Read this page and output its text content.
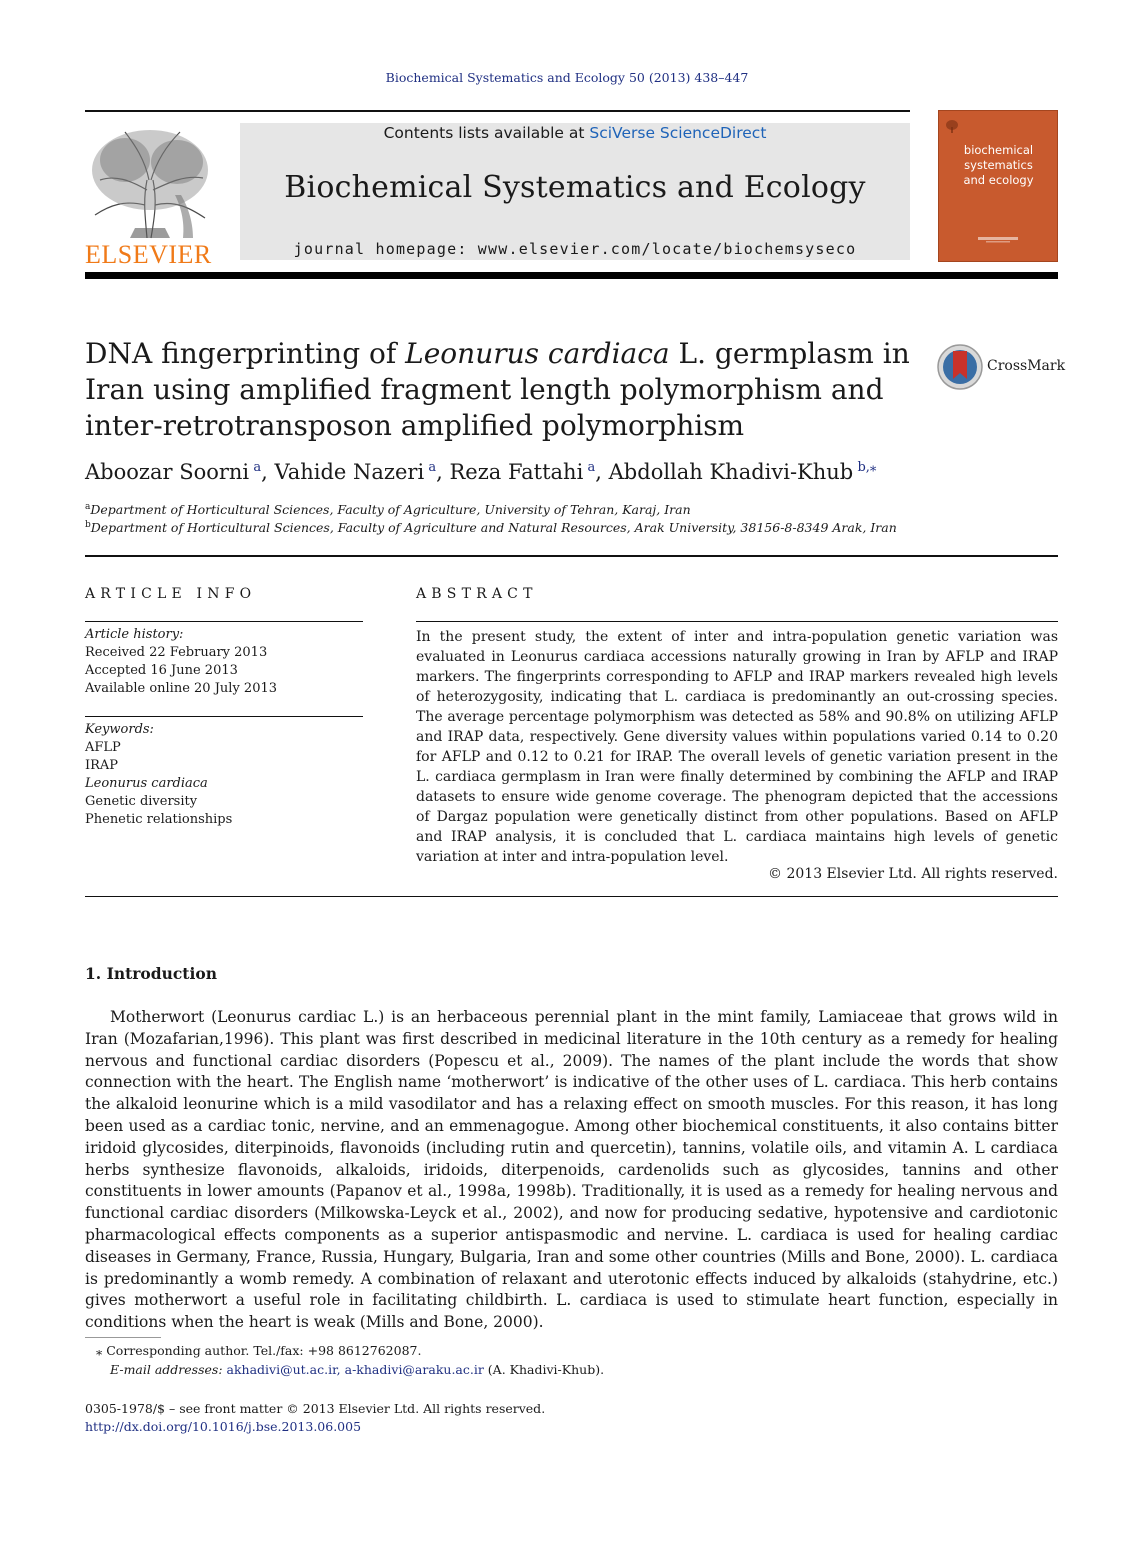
Biochemical Systematics and Ecology 50 (2013) 438–447
ELSEVIER
Contents lists available at SciVerse ScienceDirect
Biochemical Systematics and Ecology
journal homepage: www.elsevier.com/locate/biochemsyseco
biochemical
systematics
and ecology
DNA fingerprinting of Leonurus cardiaca L. germplasm in Iran using amplified fragment length polymorphism and inter-retrotransposon amplified polymorphism
CrossMark
Aboozar Soorni  $^a$, Vahide Nazeri  $^a$, Reza Fattahi  $^a$, Abdollah Khadivi-Khub  $^{b,⁎}$
$^a$Department of Horticultural Sciences, Faculty of Agriculture, University of Tehran, Karaj, Iran
$^b$Department of Horticultural Sciences, Faculty of Agriculture and Natural Resources, Arak University, 38156-8-8349 Arak, Iran
ARTICLE INFO
Article history:
Received 22 February 2013
Accepted 16 June 2013
Available online 20 July 2013
Keywords:
AFLP
IRAP
Leonurus cardiaca
Genetic diversity
Phenetic relationships
ABSTRACT
In the present study, the extent of inter and intra-population genetic variation was evaluated in Leonurus cardiaca accessions naturally growing in Iran by AFLP and IRAP markers. The fingerprints corresponding to AFLP and IRAP markers revealed high levels of heterozygosity, indicating that L. cardiaca is predominantly an out-crossing species. The average percentage polymorphism was detected as 58% and 90.8% on utilizing AFLP and IRAP data, respectively. Gene diversity values within populations varied 0.14 to 0.20 for AFLP and 0.12 to 0.21 for IRAP. The overall levels of genetic variation present in the L. cardiaca germplasm in Iran were finally determined by combining the AFLP and IRAP datasets to ensure wide genome coverage. The phenogram depicted that the accessions of Dargaz population were genetically distinct from other populations. Based on AFLP and IRAP analysis, it is concluded that L. cardiaca maintains high levels of genetic variation at inter and intra-population level.
© 2013 Elsevier Ltd. All rights reserved.
1. Introduction
Motherwort (Leonurus cardiac L.) is an herbaceous perennial plant in the mint family, Lamiaceae that grows wild in Iran (Mozafarian,1996). This plant was first described in medicinal literature in the 10th century as a remedy for healing nervous and functional cardiac disorders (Popescu et al., 2009). The names of the plant include the words that show connection with the heart. The English name ‘motherwort’ is indicative of the other uses of L. cardiaca. This herb contains the alkaloid leonurine which is a mild vasodilator and has a relaxing effect on smooth muscles. For this reason, it has long been used as a cardiac tonic, nervine, and an emmenagogue. Among other biochemical constituents, it also contains bitter iridoid glycosides, diterpinoids, flavonoids (including rutin and quercetin), tannins, volatile oils, and vitamin A. L cardiaca herbs synthesize flavonoids, alkaloids, iridoids, diterpenoids, cardenolids such as glycosides, tannins and other constituents in lower amounts (Papanov et al., 1998a, 1998b). Traditionally, it is used as a remedy for healing nervous and functional cardiac disorders (Milkowska-Leyck et al., 2002), and now for producing sedative, hypotensive and cardiotonic pharmacological effects components as a superior antispasmodic and nervine. L. cardiaca is used for healing cardiac diseases in Germany, France, Russia, Hungary, Bulgaria, Iran and some other countries (Mills and Bone, 2000). L. cardiaca is predominantly a womb remedy. A combination of relaxant and uterotonic effects induced by alkaloids (stahydrine, etc.) gives motherwort a useful role in facilitating childbirth. L. cardiaca is used to stimulate heart function, especially in conditions when the heart is weak (Mills and Bone, 2000).
⁎ Corresponding author. Tel./fax: +98 8612762087.
E-mail addresses: akhadivi@ut.ac.ir, a-khadivi@araku.ac.ir (A. Khadivi-Khub).
0305-1978/$ – see front matter © 2013 Elsevier Ltd. All rights reserved.
http://dx.doi.org/10.1016/j.bse.2013.06.005
